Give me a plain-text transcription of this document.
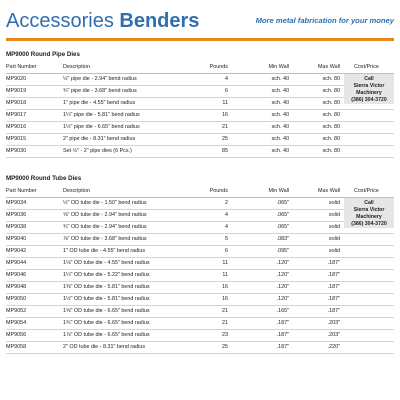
Accessories Benders	More metal fabrication for your money
MP9000 Round Pipe Dies
Part Number	Description	Pounds	Min Wall	Max Wall	Cost/Price
MP9020	½" pipe die - 2.94" bend radius	4	sch. 40	sch. 80
MP9019	¾" pipe die - 3.68" bend radius	6	sch. 40	sch. 80
MP9018	1" pipe die - 4.55" bend radius	11	sch. 40	sch. 80
MP9017	1¼" pipe die - 5.81" bend radius	16	sch. 40	sch. 80
MP9016	1½" pipe die - 6.65" bend radius	21	sch. 40	sch. 80
MP9015	2" pipe die - 8.31" bend radius	25	sch. 40	sch. 80
MP9030	Set ½" - 2" pipe dies (6 Pcs.)	85	sch. 40	sch. 80
Call
Sierra Victor
Machinery
(386) 304-3720
MP9000 Round Tube Dies
Part Number	Description	Pounds	Min Wall	Max Wall	Cost/Price
MP9034	½" OD tube die - 1.50" bend radius	2	.065"	solid
MP9036	⅝" OD tube die - 2.94" bend radius	4	.065"	solid
MP9038	¾" OD tube die - 2.94" bend radius	4	.065"	solid
MP9040	⅞" OD tube die - 3.68" bend radius	5	.083"	solid
MP9042	1" OD tube die - 4.55" bend radius	6	.095"	solid
MP9044	1⅛" OD tube die - 4.55" bend radius	11	.120"	.187"
MP9046	1¼" OD tube die - 5.22" bend radius	11	.120"	.187"
MP9048	1⅜" OD tube die - 5.81" bend radius	16	.120"	.187"
MP9050	1½" OD tube die - 5.81" bend radius	16	.120"	.187"
MP9052	1⅝" OD tube die - 6.65" bend radius	21	.165"	.187"
MP9054	1¾" OD tube die - 6.65" bend radius	21	.187"	.203"
MP9056	1⅞" OD tube die - 6.65" bend radius	23	.187"	.203"
MP9058	2" OD tube die - 8.31" bend radius	25	.187"	.220"
Call
Sierra Victor
Machinery
(386) 304-3720
